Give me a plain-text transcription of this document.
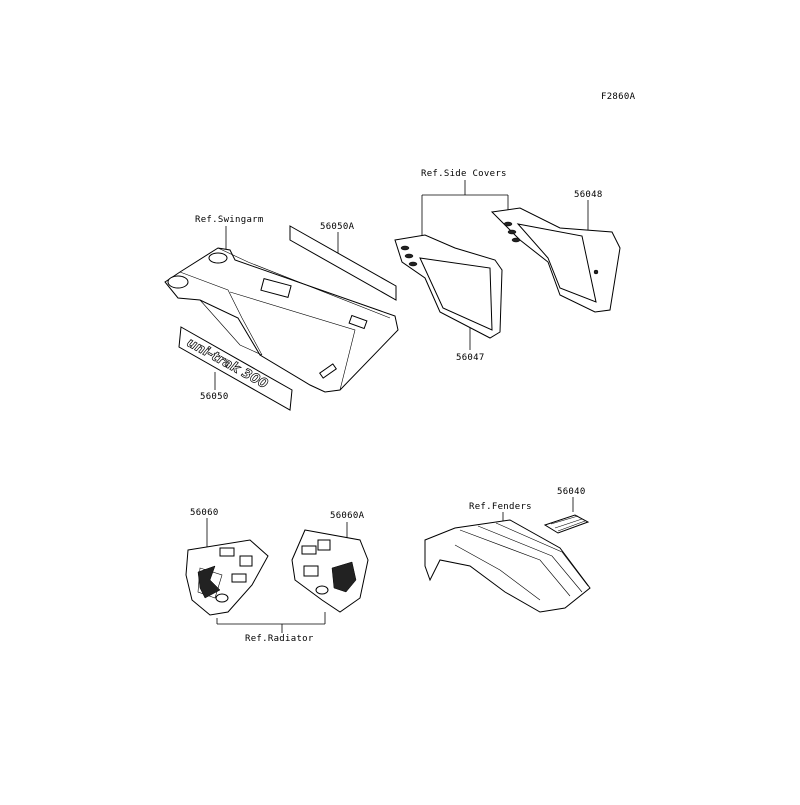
uni-trak 300
F2860A
Ref.Side Covers
56048
Ref.Swingarm
56050A
56047
56050
56060	56060A
Ref.Radiator
Ref.Fenders
56040
